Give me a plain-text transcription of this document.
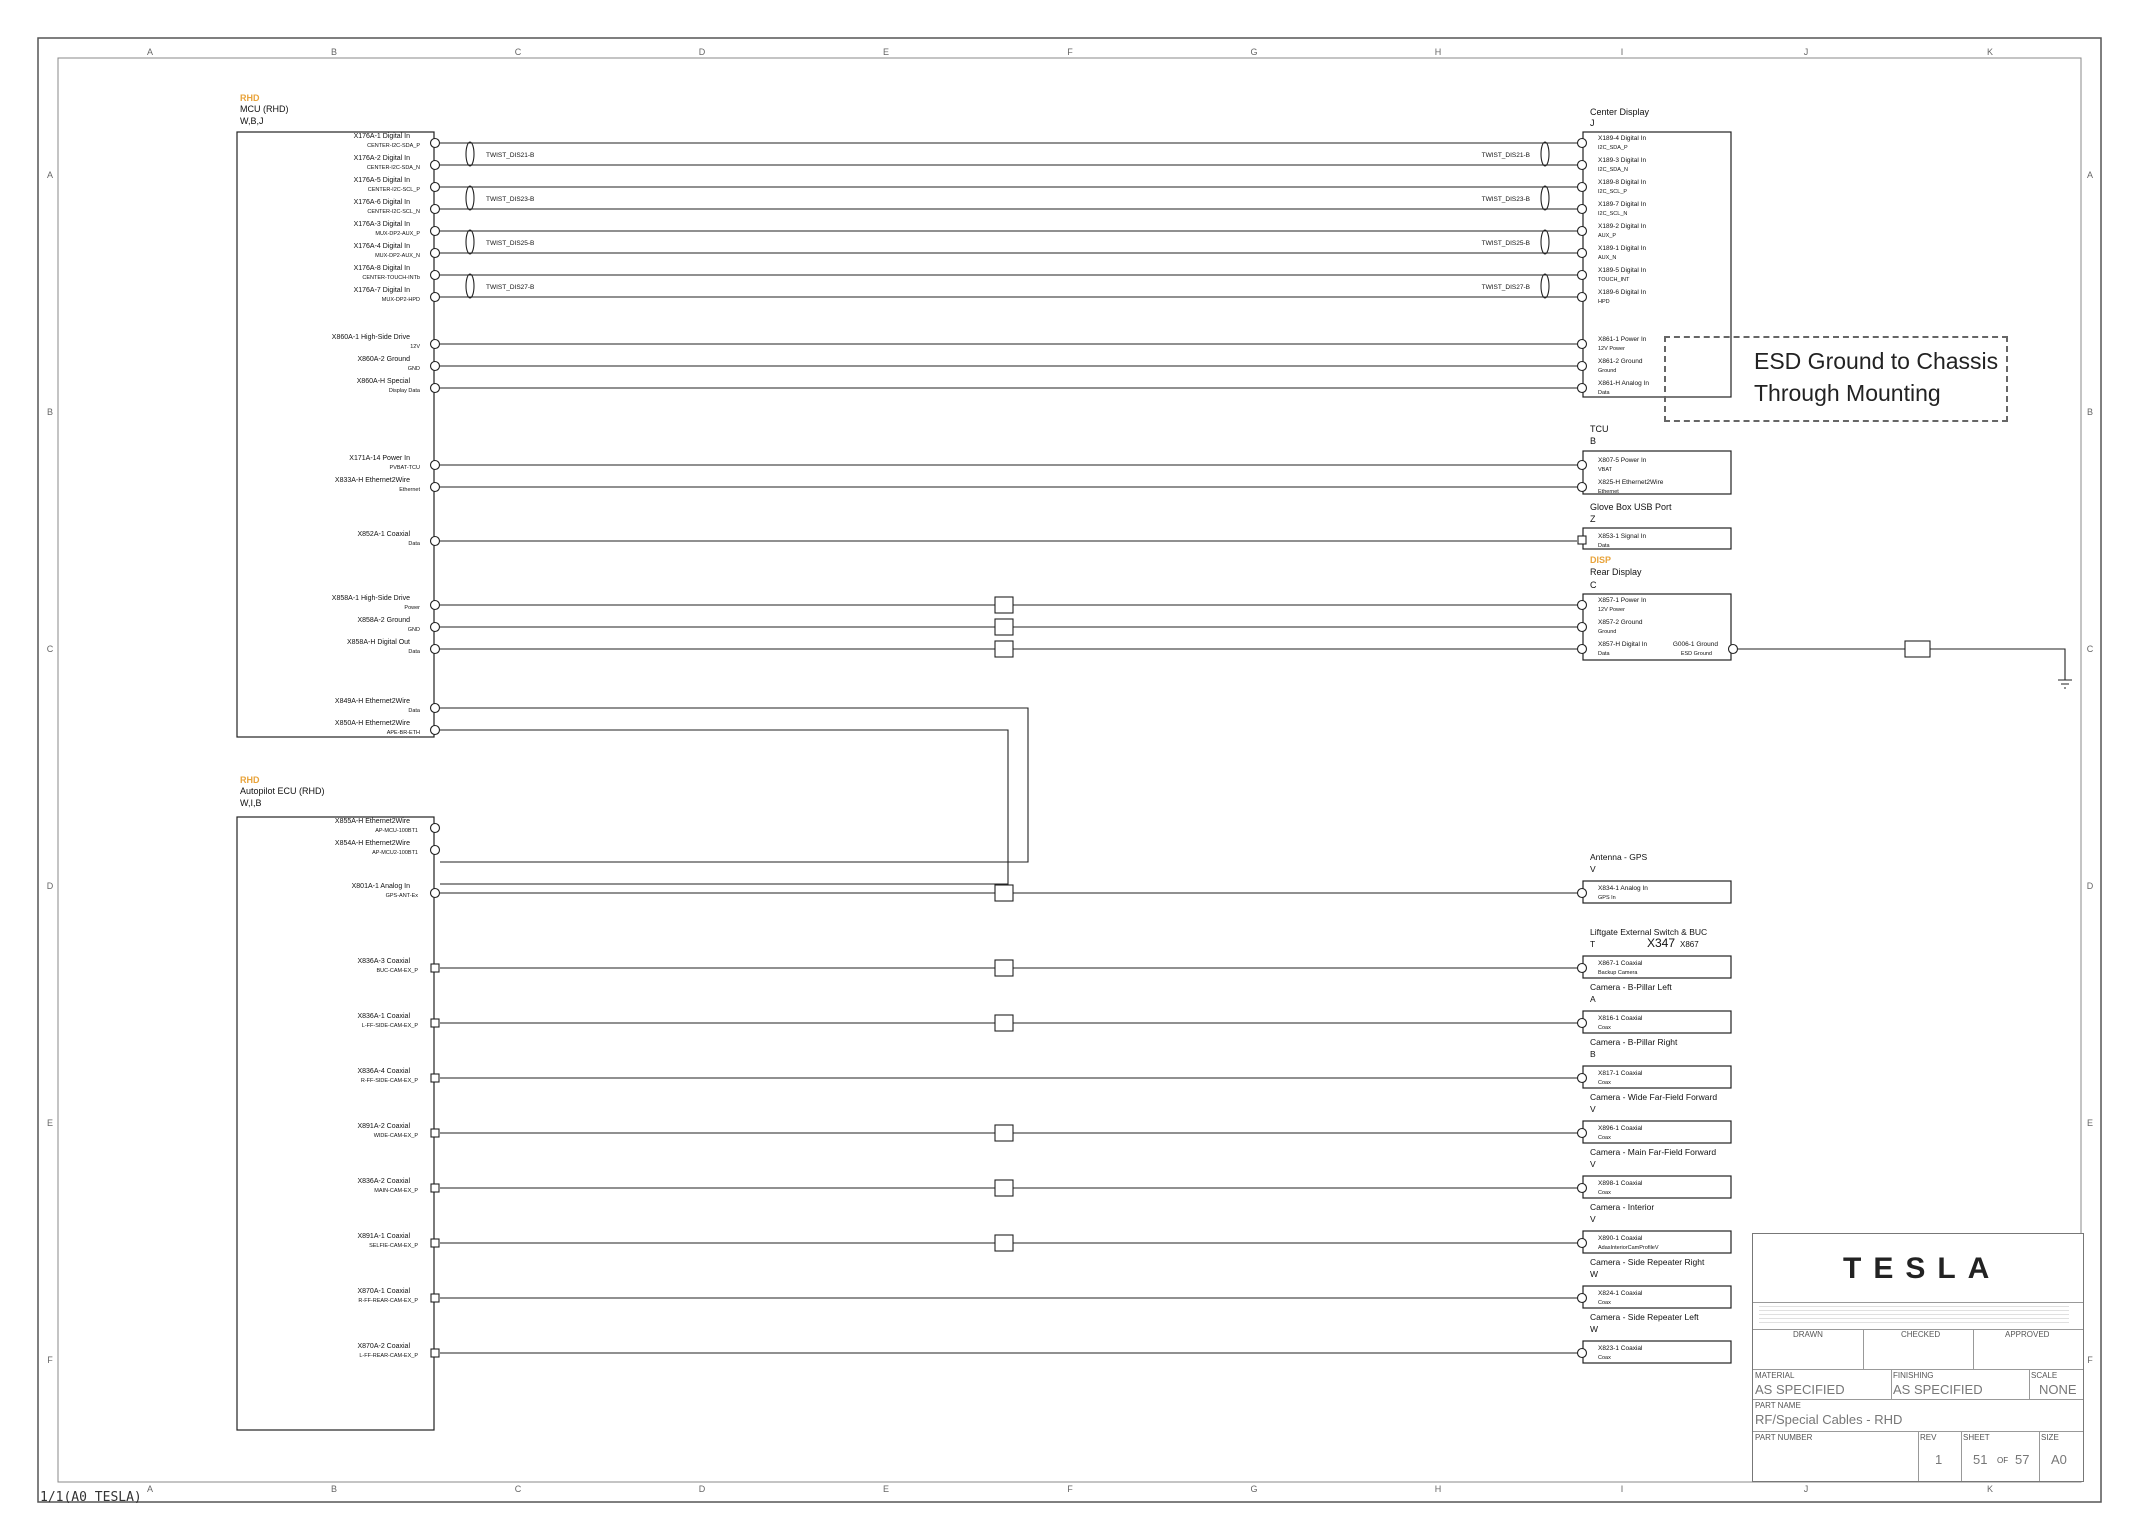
A
A
B
B
C
C
D
D
E
E
F
F
G
G
H
H
I
I
J
J
K
K
A	A
B	B
C	C
D	D
E	E
F	F
RHD
MCU (RHD)
W,B,J
RHD
Autopilot ECU (RHD)
W,I,B
X176A-1 Digital In
CENTER-I2C-SDA_P
X176A-2 Digital In
CENTER-I2C-SDA_N
X176A-5 Digital In
CENTER-I2C-SCL_P
X176A-6 Digital In
CENTER-I2C-SCL_N
X176A-3 Digital In
MUX-DP2-AUX_P
X176A-4 Digital In
MUX-DP2-AUX_N
X176A-8 Digital In
CENTER-TOUCH-INTb
X176A-7 Digital In
MUX-DP2-HPD
X860A-1 High-Side Drive
12V
X860A-2 Ground
GND
X860A-H Special
Display Data
X171A-14 Power In
PVBAT-TCU
X833A-H Ethernet2Wire
Ethernet
X852A-1 Coaxial
Data
X858A-1 High-Side Drive
Power
X858A-2 Ground
GND
X858A-H Digital Out
Data
X849A-H Ethernet2Wire
Data
X850A-H Ethernet2Wire
APE-BR-ETH
Center Display
J
X189-4 Digital In
I2C_SDA_P
X189-3 Digital In
I2C_SDA_N
X189-8 Digital In
I2C_SCL_P
X189-7 Digital In
I2C_SCL_N
X189-2 Digital In
AUX_P
X189-1 Digital In
AUX_N
X189-5 Digital In
TOUCH_INT
X189-6 Digital In
HPD
X861-1 Power In
12V Power
X861-2 Ground
Ground
X861-H Analog In
Data
TCU
B
X807-5 Power In
VBAT
X825-H Ethernet2Wire
Ethernet
Glove Box USB Port
Z
X853-1 Signal In
Data
DISP
Rear Display
C
X857-1 Power In
12V Power
X857-2 Ground
Ground
X857-H Digital In
Data
G006-1 Ground
ESD Ground
Antenna - GPS
V
X834-1 Analog In
GPS In
Liftgate External Switch & BUC
T	X347 X867
X867-1 Coaxial
Backup Camera
Camera - B-Pillar Left
A
X816-1 Coaxial
Coax
Camera - B-Pillar Right
B
X817-1 Coaxial
Coax
Camera - Wide Far-Field Forward
V
X896-1 Coaxial
Coax
Camera - Main Far-Field Forward
V
X898-1 Coaxial
Coax
Camera - Interior
V
X890-1 Coaxial
AdasInteriorCamProfileV
Camera - Side Repeater Right
W
X824-1 Coaxial
Coax
Camera - Side Repeater Left
W
X823-1 Coaxial
Coax
X855A-H Ethernet2Wire
AP-MCU-100BT1
X854A-H Ethernet2Wire
AP-MCU2-100BT1
X801A-1 Analog In
GPS-ANT-Ex
X836A-3 Coaxial
BUC-CAM-EX_P
X836A-1 Coaxial
L-FF-SIDE-CAM-EX_P
X836A-4 Coaxial
R-FF-SIDE-CAM-EX_P
X891A-2 Coaxial
WIDE-CAM-EX_P
X836A-2 Coaxial
MAIN-CAM-EX_P
X891A-1 Coaxial
SELFIE-CAM-EX_P
X870A-1 Coaxial
R-FF-REAR-CAM-EX_P
X870A-2 Coaxial
L-FF-REAR-CAM-EX_P
TWIST_DIS21-B	TWIST_DIS21-B
TWIST_DIS23-B	TWIST_DIS23-B
TWIST_DIS25-B	TWIST_DIS25-B
TWIST_DIS27-B	TWIST_DIS27-B
ESD Ground to Chassis
Through Mounting
1/1(A0 TESLA)
TESLA
DRAWN	CHECKED	APPROVED
MATERIAL
AS SPECIFIED
FINISHING
AS SPECIFIED
SCALE
NONE
PART NAME
RF/Special Cables - RHD
PART NUMBER	REV
1
SHEET
51 OF 57
SIZE
A0
